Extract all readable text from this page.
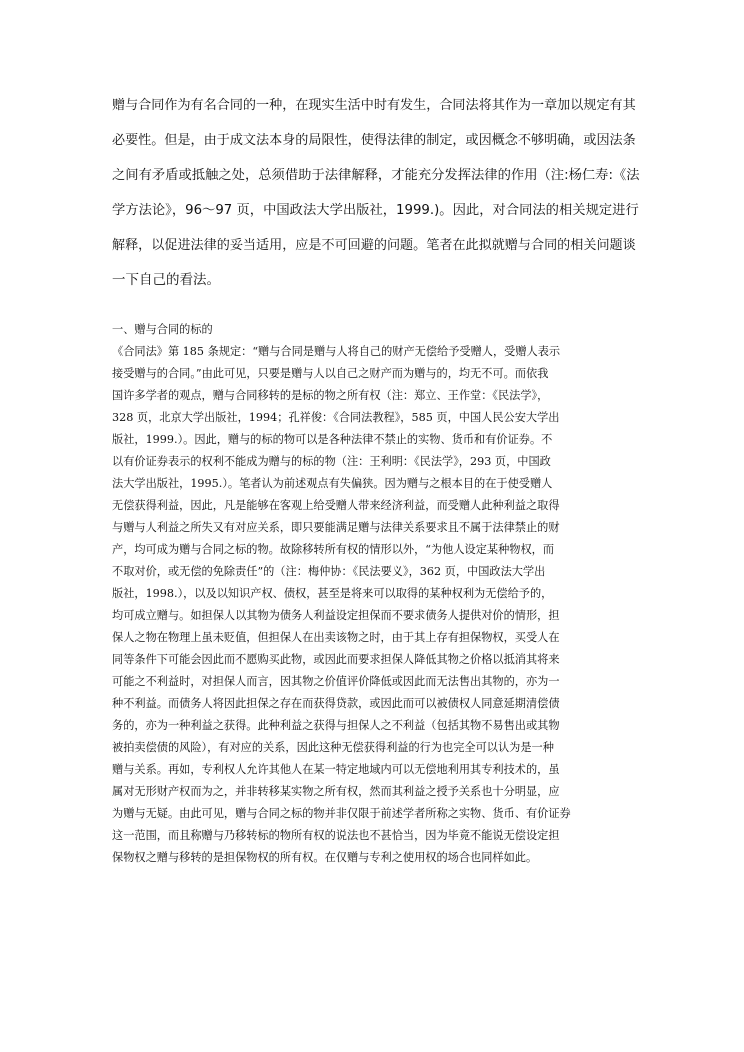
赠与合同作为有名合同的一种，在现实生活中时有发生，合同法将其作为一章加以规定有其
必要性。但是，由于成文法本身的局限性，使得法律的制定，或因概念不够明确，或因法条
之间有矛盾或抵触之处，总须借助于法律解释，才能充分发挥法律的作用（注:杨仁寿:《法
学方法论》，96～97 页，中国政法大学出版社，1999.)。因此，对合同法的相关规定进行
解释，以促进法律的妥当适用，应是不可回避的问题。笔者在此拟就赠与合同的相关问题谈
一下自己的看法。
一、赠与合同的标的
《合同法》第 185 条规定：“赠与合同是赠与人将自己的财产无偿给予受赠人，受赠人表示
接受赠与的合同。”由此可见，只要是赠与人以自己之财产而为赠与的，均无不可。而依我
国许多学者的观点，赠与合同移转的是标的物之所有权（注：郑立、王作堂：《民法学》，
328 页，北京大学出版社，1994；孔祥俊：《合同法教程》，585 页，中国人民公安大学出
版社，1999.）。因此，赠与的标的物可以是各种法律不禁止的实物、货币和有价证券。不
以有价证券表示的权利不能成为赠与的标的物（注：王利明：《民法学》，293 页，中国政
法大学出版社，1995.）。笔者认为前述观点有失偏狭。因为赠与之根本目的在于使受赠人
无偿获得利益，因此，凡是能够在客观上给受赠人带来经济利益，而受赠人此种利益之取得
与赠与人利益之所失又有对应关系，即只要能满足赠与法律关系要求且不属于法律禁止的财
产，均可成为赠与合同之标的物。故除移转所有权的情形以外，“为他人设定某种物权，而
不取对价，或无偿的免除责任”的（注：梅仲协：《民法要义》，362 页，中国政法大学出
版社，1998.），以及以知识产权、债权，甚至是将来可以取得的某种权利为无偿给予的，
均可成立赠与。如担保人以其物为债务人利益设定担保而不要求债务人提供对价的情形，担
保人之物在物理上虽未贬值，但担保人在出卖该物之时，由于其上存有担保物权，买受人在
同等条件下可能会因此而不愿购买此物，或因此而要求担保人降低其物之价格以抵消其将来
可能之不利益时，对担保人而言，因其物之价值评价降低或因此而无法售出其物的，亦为一
种不利益。而债务人将因此担保之存在而获得贷款，或因此而可以被债权人同意延期清偿债
务的，亦为一种利益之获得。此种利益之获得与担保人之不利益（包括其物不易售出或其物
被拍卖偿债的风险），有对应的关系，因此这种无偿获得利益的行为也完全可以认为是一种
赠与关系。再如，专利权人允许其他人在某一特定地域内可以无偿地利用其专利技术的，虽
属对无形财产权而为之，并非转移某实物之所有权，然而其利益之授予关系也十分明显，应
为赠与无疑。由此可见，赠与合同之标的物并非仅限于前述学者所称之实物、货币、有价证券
这一范围，而且称赠与乃移转标的物所有权的说法也不甚恰当，因为毕竟不能说无偿设定担
保物权之赠与移转的是担保物权的所有权。在仅赠与专利之使用权的场合也同样如此。
